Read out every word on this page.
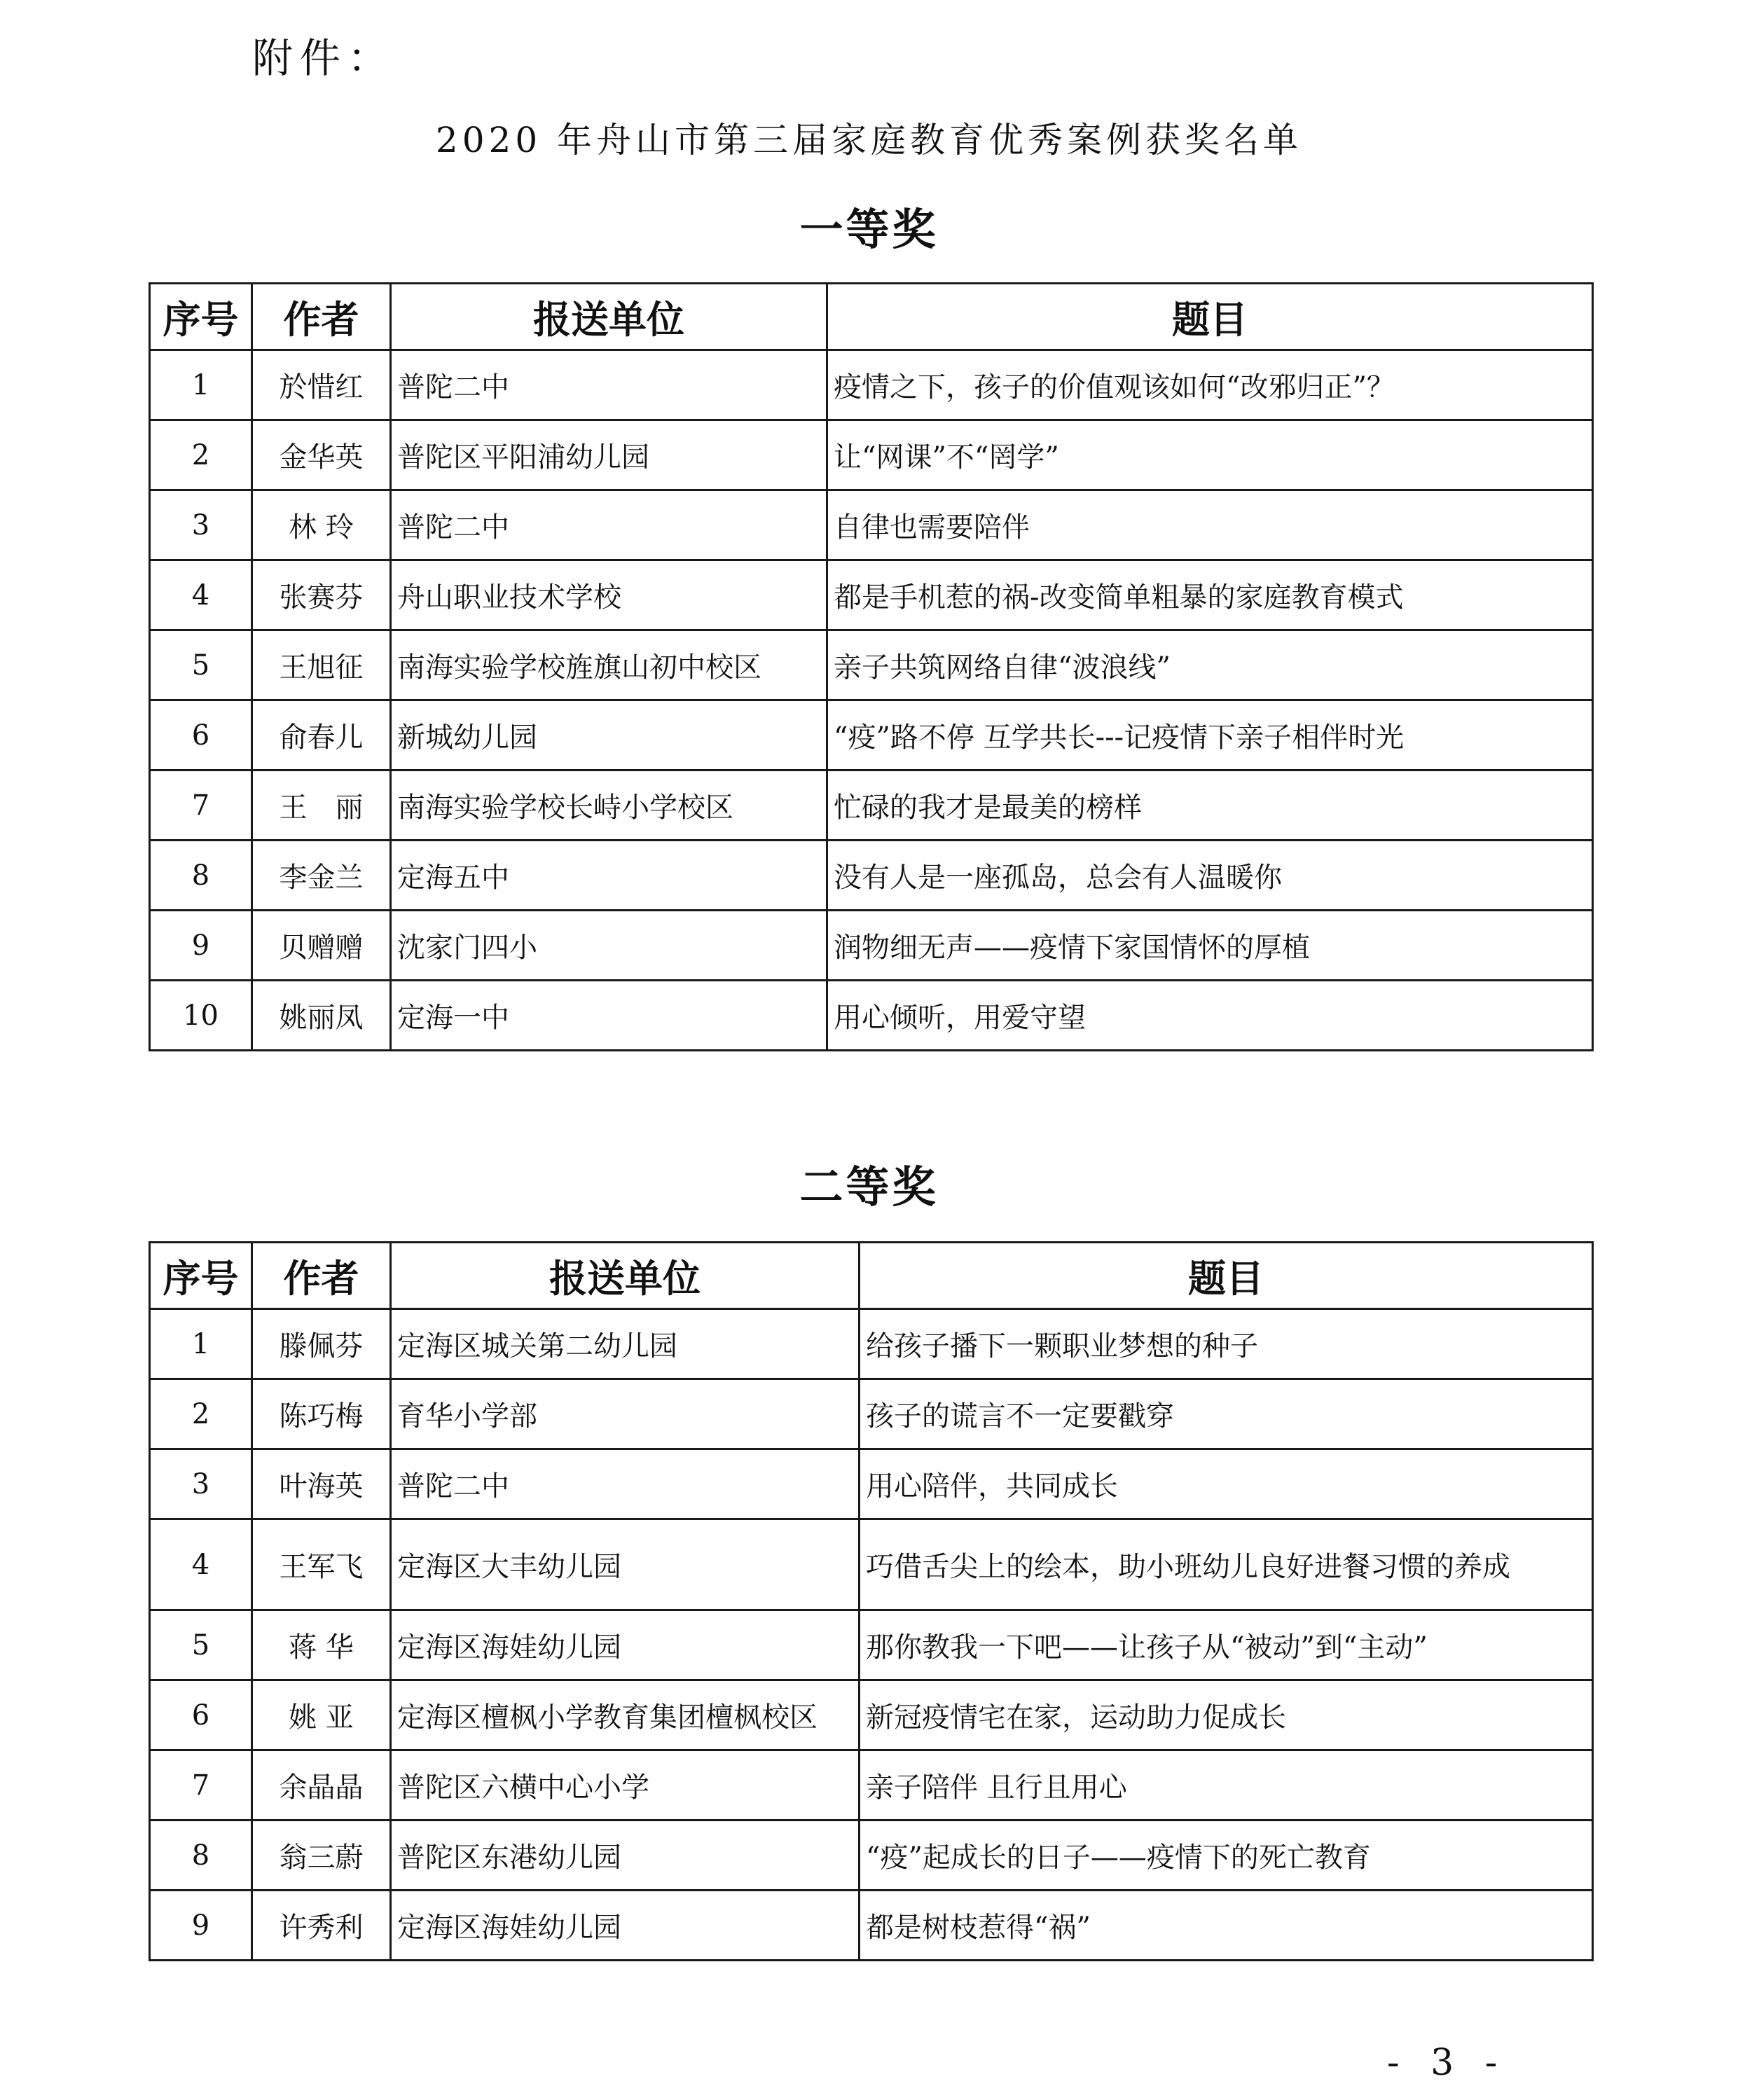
附件：
2020 年舟山市第三届家庭教育优秀案例获奖名单
一等奖
序号	作者	报送单位	题目
1	於惜红	普陀二中	疫情之下，孩子的价值观该如何“改邪归正”？
2	金华英	普陀区平阳浦幼儿园	让“网课”不“罔学”
3	林 玲	普陀二中	自律也需要陪伴
4	张赛芬	舟山职业技术学校	都是手机惹的祸-改变简单粗暴的家庭教育模式
5	王旭征	南海实验学校旌旗山初中校区	亲子共筑网络自律“波浪线”
6	俞春儿	新城幼儿园	“疫”路不停 互学共长---记疫情下亲子相伴时光
7	王　丽	南海实验学校长峙小学校区	忙碌的我才是最美的榜样
8	李金兰	定海五中	没有人是一座孤岛，总会有人温暖你
9	贝赠赠	沈家门四小	润物细无声——疫情下家国情怀的厚植
10	姚丽凤	定海一中	用心倾听，用爱守望
二等奖
序号	作者	报送单位	题目
1	滕佩芬	定海区城关第二幼儿园	给孩子播下一颗职业梦想的种子
2	陈巧梅	育华小学部	孩子的谎言不一定要戳穿
3	叶海英	普陀二中	用心陪伴，共同成长
4	王军飞	定海区大丰幼儿园	巧借舌尖上的绘本，助小班幼儿良好进餐习惯的养成
5	蒋 华	定海区海娃幼儿园	那你教我一下吧——让孩子从“被动”到“主动”
6	姚 亚	定海区檀枫小学教育集团檀枫校区	新冠疫情宅在家，运动助力促成长
7	余晶晶	普陀区六横中心小学	亲子陪伴 且行且用心
8	翁三蔚	普陀区东港幼儿园	“疫”起成长的日子——疫情下的死亡教育
9	许秀利	定海区海娃幼儿园	都是树枝惹得“祸”
- 3 -
